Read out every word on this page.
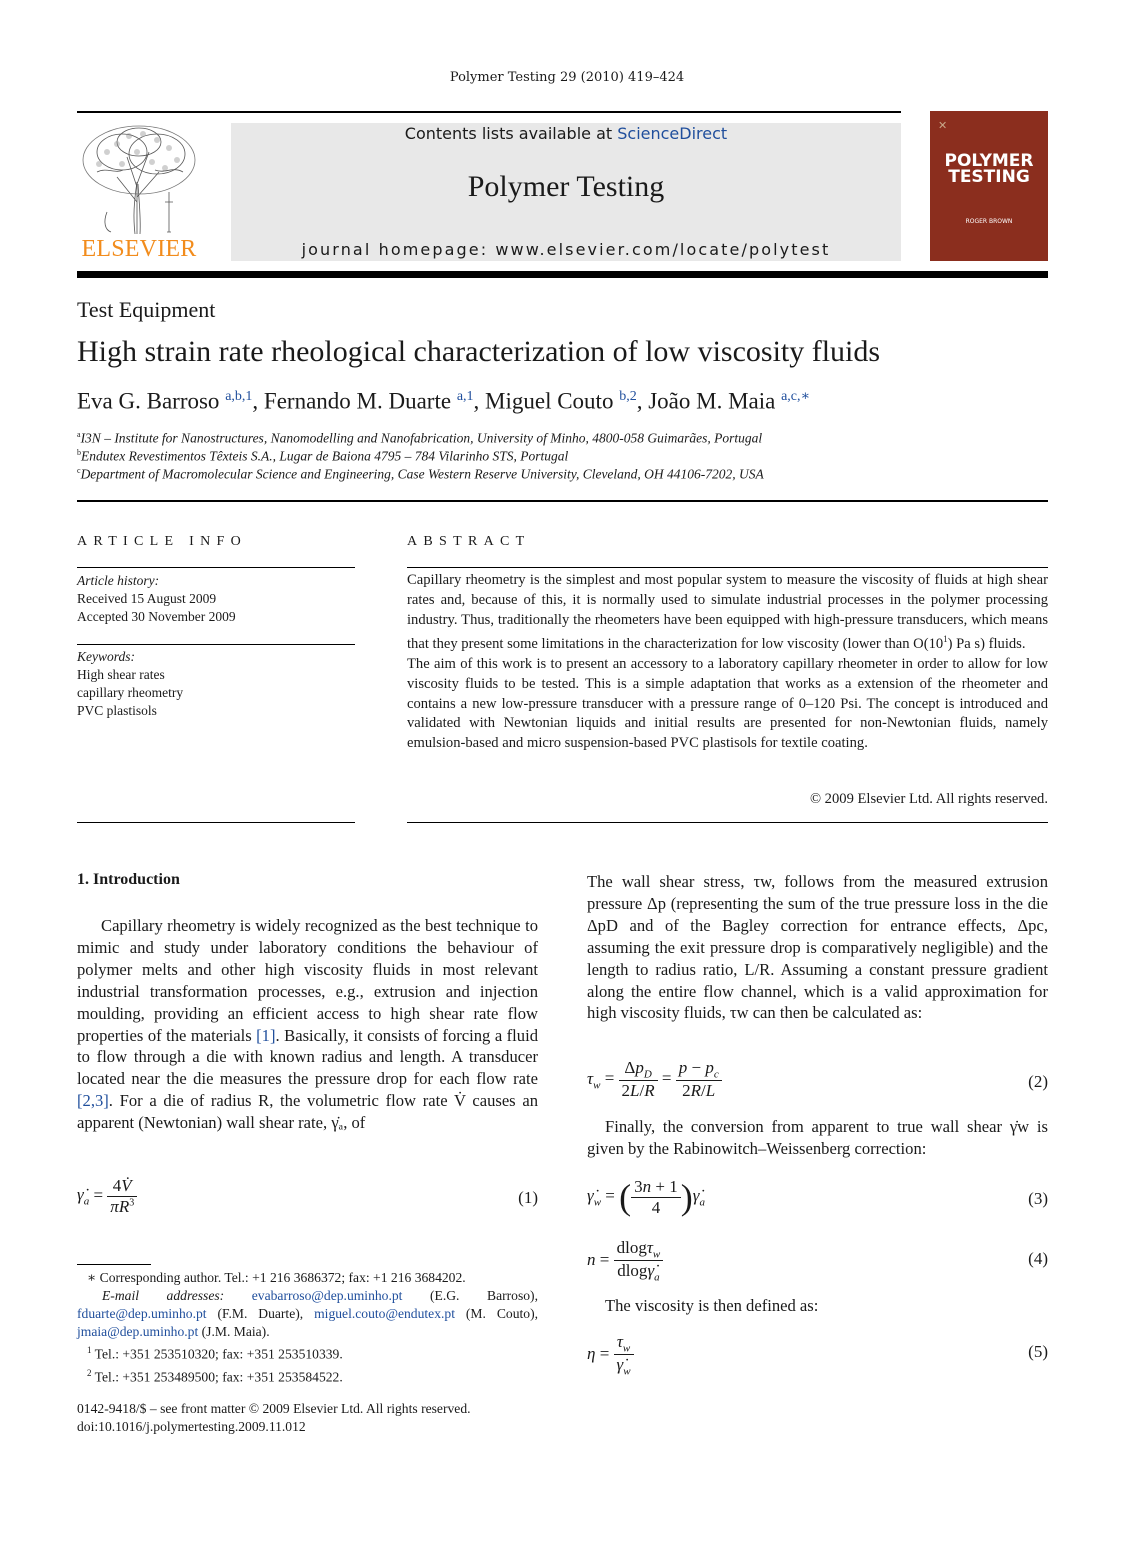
Polymer Testing 29 (2010) 419–424
ELSEVIER
Contents lists available at ScienceDirect
Polymer Testing
journal homepage: www.elsevier.com/locate/polytest
✕
POLYMER
TESTING
ROGER BROWN
Test Equipment
High strain rate rheological characterization of low viscosity fluids
Eva G. Barroso $^{a,b,1}$, Fernando M. Duarte $^{a,1}$, Miguel Couto $^{b,2}$, João M. Maia $^{a,c,∗}$
$^a$I3N – Institute for Nanostructures, Nanomodelling and Nanofabrication, University of Minho, 4800-058 Guimarães, Portugal
$^b$Endutex Revestimentos Têxteis S.A., Lugar de Baiona 4795 – 784 Vilarinho STS, Portugal
$^c$Department of Macromolecular Science and Engineering, Case Western Reserve University, Cleveland, OH 44106-7202, USA
ARTICLE INFO
Article history:
Received 15 August 2009
Accepted 30 November 2009
Keywords:
High shear rates
capillary rheometry
PVC plastisols
ABSTRACT

Capillary rheometry is the simplest and most popular system to measure the viscosity of fluids at high shear rates and, because of this, it is normally used to simulate industrial processes in the polymer processing industry. Thus, traditionally the rheometers have been equipped with high-pressure transducers, which means that they present some limitations in the characterization for low viscosity (lower than $O(10^1)$ Pa s) fluids.

The aim of this work is to present an accessory to a laboratory capillary rheometer in order to allow for low viscosity fluids to be tested. This is a simple adaptation that works as a extension of the rheometer and contains a new low-pressure transducer with a pressure range of 0–120 Psi. The concept is introduced and validated with Newtonian liquids and initial results are presented for non-Newtonian fluids, namely emulsion-based and micro suspension-based PVC plastisols for textile coating.

© 2009 Elsevier Ltd. All rights reserved.
1. Introduction

Capillary rheometry is widely recognized as the best technique to mimic and study under laboratory conditions the behaviour of polymer melts and other high viscosity fluids in most relevant industrial transformation processes, e.g., extrusion and injection moulding, providing an efficient access to high shear rate flow properties of the materials [1]. Basically, it consists of forcing a fluid to flow through a die with known radius and length. A transducer located near the die measures the pressure drop for each flow rate [2,3]. For a die of radius R, the volumetric flow rate V̇ causes an apparent (Newtonian) wall shear rate, γ̇ₐ, of

$\gammȧ_a = \frac{4V̇}{\pi R^3}$	(1)
∗ Corresponding author. Tel.: +1 216 3686372; fax: +1 216 3684202.
E-mail addresses: evabarroso@dep.uminho.pt (E.G. Barroso), fduarte@dep.uminho.pt (F.M. Duarte), miguel.couto@endutex.pt (M. Couto), jmaia@dep.uminho.pt (J.M. Maia).
$^1$ Tel.: +351 253510320; fax: +351 253510339.
$^2$ Tel.: +351 253489500; fax: +351 253584522.
0142-9418/$ – see front matter © 2009 Elsevier Ltd. All rights reserved.
doi:10.1016/j.polymertesting.2009.11.012
The wall shear stress, τw, follows from the measured extrusion pressure Δp (representing the sum of the true pressure loss in the die ΔpD and of the Bagley correction for entrance effects, Δpc, assuming the exit pressure drop is comparatively negligible) and the length to radius ratio, L/R. Assuming a constant pressure gradient along the entire flow channel, which is a valid approximation for high viscosity fluids, τw can then be calculated as:
$\tau_w = \frac{\Delta p_D}{2L/R} = \frac{p - p_c}{2R/L}$	(2)
Finally, the conversion from apparent to true wall shear γ̇w is given by the Rabinowitch–Weissenberg correction:
$\gammȧ_w$ = ( $\frac{3n + 1}{4}$ )$\gammȧ_a$	(3)
$n = \frac{dlog\tau_w}{dlog\gammȧ_a}$	(4)
The viscosity is then defined as:
$\eta = \frac{\tau_w}{\gammȧ_w}$	(5)
